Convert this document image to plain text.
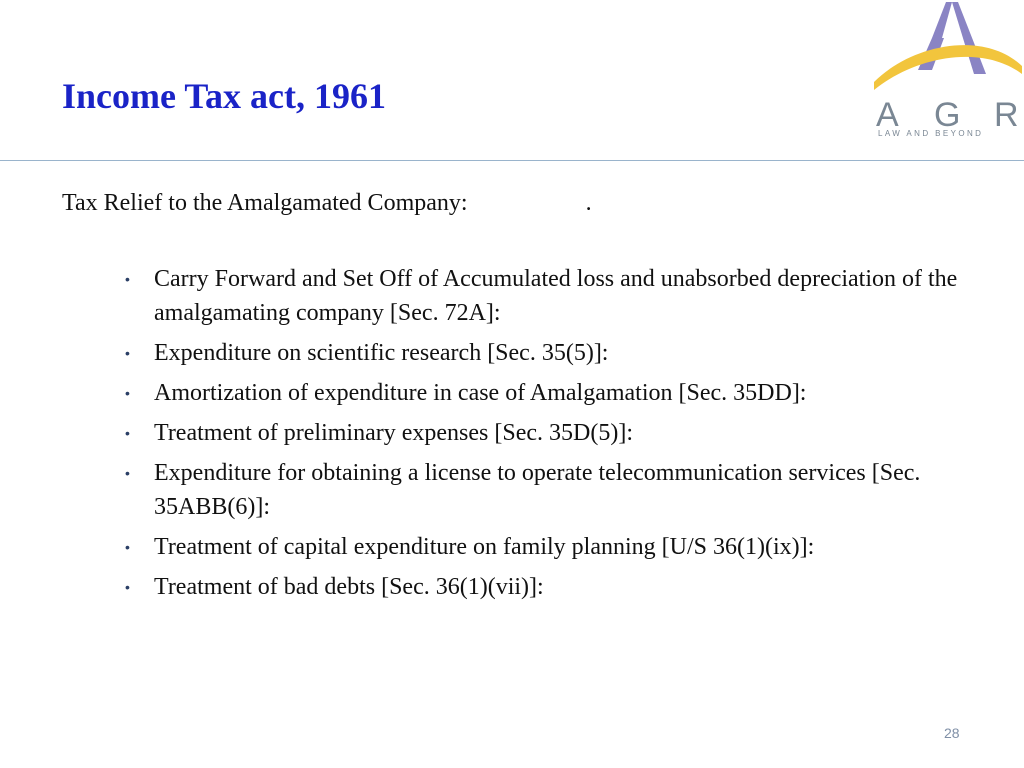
Income Tax act, 1961	A G R
LAW AND BEYOND

Tax Relief to the Amalgamated Company:	.

• Carry Forward and Set Off of Accumulated loss and unabsorbed depreciation of the amalgamating company [Sec. 72A]:
• Expenditure on scientific research [Sec. 35(5)]:
• Amortization of expenditure in case of Amalgamation [Sec. 35DD]:
• Treatment of preliminary expenses [Sec. 35D(5)]:
• Expenditure for obtaining a license to operate telecommunication services [Sec. 35ABB(6)]:
• Treatment of capital expenditure on family planning [U/S 36(1)(ix)]:
• Treatment of bad debts [Sec. 36(1)(vii)]:
28
